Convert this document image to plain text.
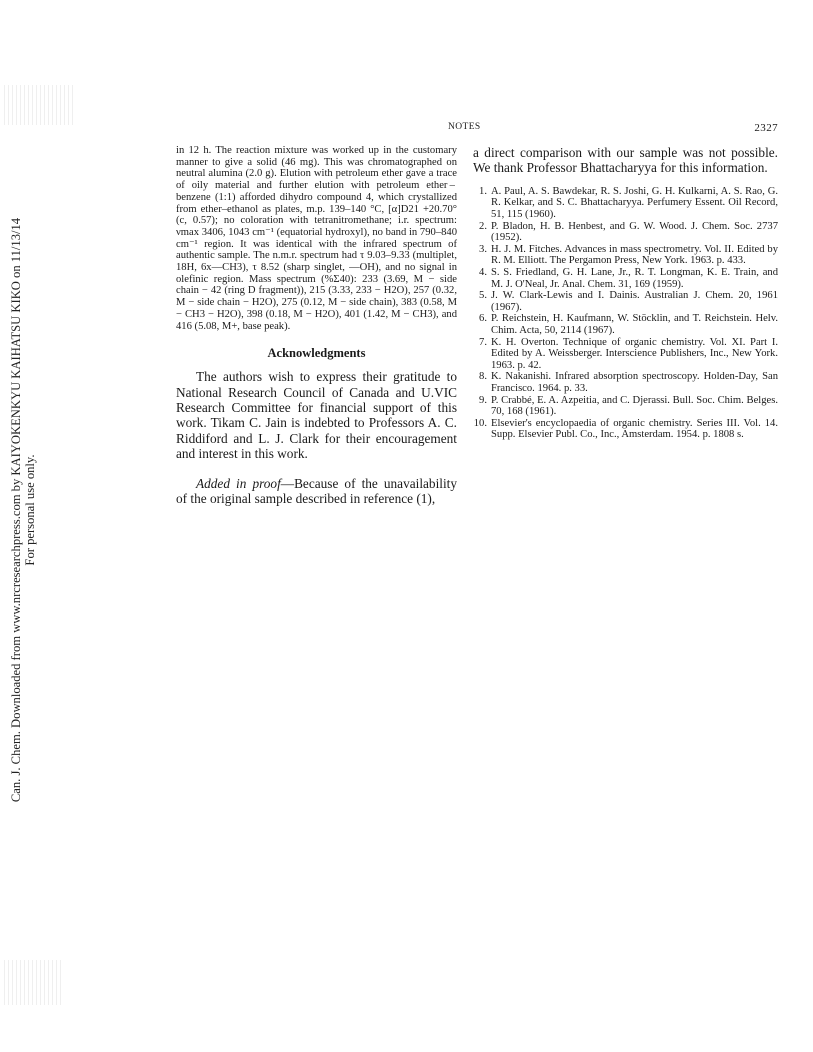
Can. J. Chem. Downloaded from www.nrcresearchpress.com by KAIYOKENKYU KAIHATSU KIKO on 11/13/14 For personal use only.
NOTES	2327

in 12 h. The reaction mixture was worked up in the customary manner to give a solid (46 mg). This was chromatographed on neutral alumina (2.0 g). Elution with petroleum ether gave a trace of oily material and further elution with petroleum ether – benzene (1:1) afforded dihydro compound 4, which crystallized from ether–ethanol as plates, m.p. 139–140 °C, [α]D21 +20.70° (c, 0.57); no coloration with tetranitromethane; i.r. spectrum: νmax 3406, 1043 cm⁻¹ (equatorial hydroxyl), no band in 790–840 cm⁻¹ region. It was identical with the infrared spectrum of authentic sample. The n.m.r. spectrum had τ 9.03–9.33 (multiplet, 18H, 6x—CH3), τ 8.52 (sharp singlet, —OH), and no signal in olefinic region. Mass spectrum (%Σ40): 233 (3.69, M − side chain − 42 (ring D fragment)), 215 (3.33, 233 − H2O), 257 (0.32, M − side chain − H2O), 275 (0.12, M − side chain), 383 (0.58, M − CH3 − H2O), 398 (0.18, M − H2O), 401 (1.42, M − CH3), and 416 (5.08, M+, base peak).

Acknowledgments

The authors wish to express their gratitude to National Research Council of Canada and U.VIC Research Committee for financial support of this work. Tikam C. Jain is indebted to Professors A. C. Riddiford and L. J. Clark for their encouragement and interest in this work.

Added in proof—Because of the unavailability of the original sample described in reference (1),

a direct comparison with our sample was not possible. We thank Professor Bhattacharyya for this information.

1. A. Paul, A. S. Bawdekar, R. S. Joshi, G. H. Kulkarni, A. S. Rao, G. R. Kelkar, and S. C. Bhattacharyya. Perfumery Essent. Oil Record, 51, 115 (1960).
2. P. Bladon, H. B. Henbest, and G. W. Wood. J. Chem. Soc. 2737 (1952).
3. H. J. M. Fitches. Advances in mass spectrometry. Vol. II. Edited by R. M. Elliott. The Pergamon Press, New York. 1963. p. 433.
4. S. S. Friedland, G. H. Lane, Jr., R. T. Longman, K. E. Train, and M. J. O'Neal, Jr. Anal. Chem. 31, 169 (1959).
5. J. W. Clark-Lewis and I. Dainis. Australian J. Chem. 20, 1961 (1967).
6. P. Reichstein, H. Kaufmann, W. Stöcklin, and T. Reichstein. Helv. Chim. Acta, 50, 2114 (1967).
7. K. H. Overton. Technique of organic chemistry. Vol. XI. Part I. Edited by A. Weissberger. Interscience Publishers, Inc., New York. 1963. p. 42.
8. K. Nakanishi. Infrared absorption spectroscopy. Holden-Day, San Francisco. 1964. p. 33.
9. P. Crabbé, E. A. Azpeitia, and C. Djerassi. Bull. Soc. Chim. Belges. 70, 168 (1961).
10. Elsevier's encyclopaedia of organic chemistry. Series III. Vol. 14. Supp. Elsevier Publ. Co., Inc., Amsterdam. 1954. p. 1808 s.
